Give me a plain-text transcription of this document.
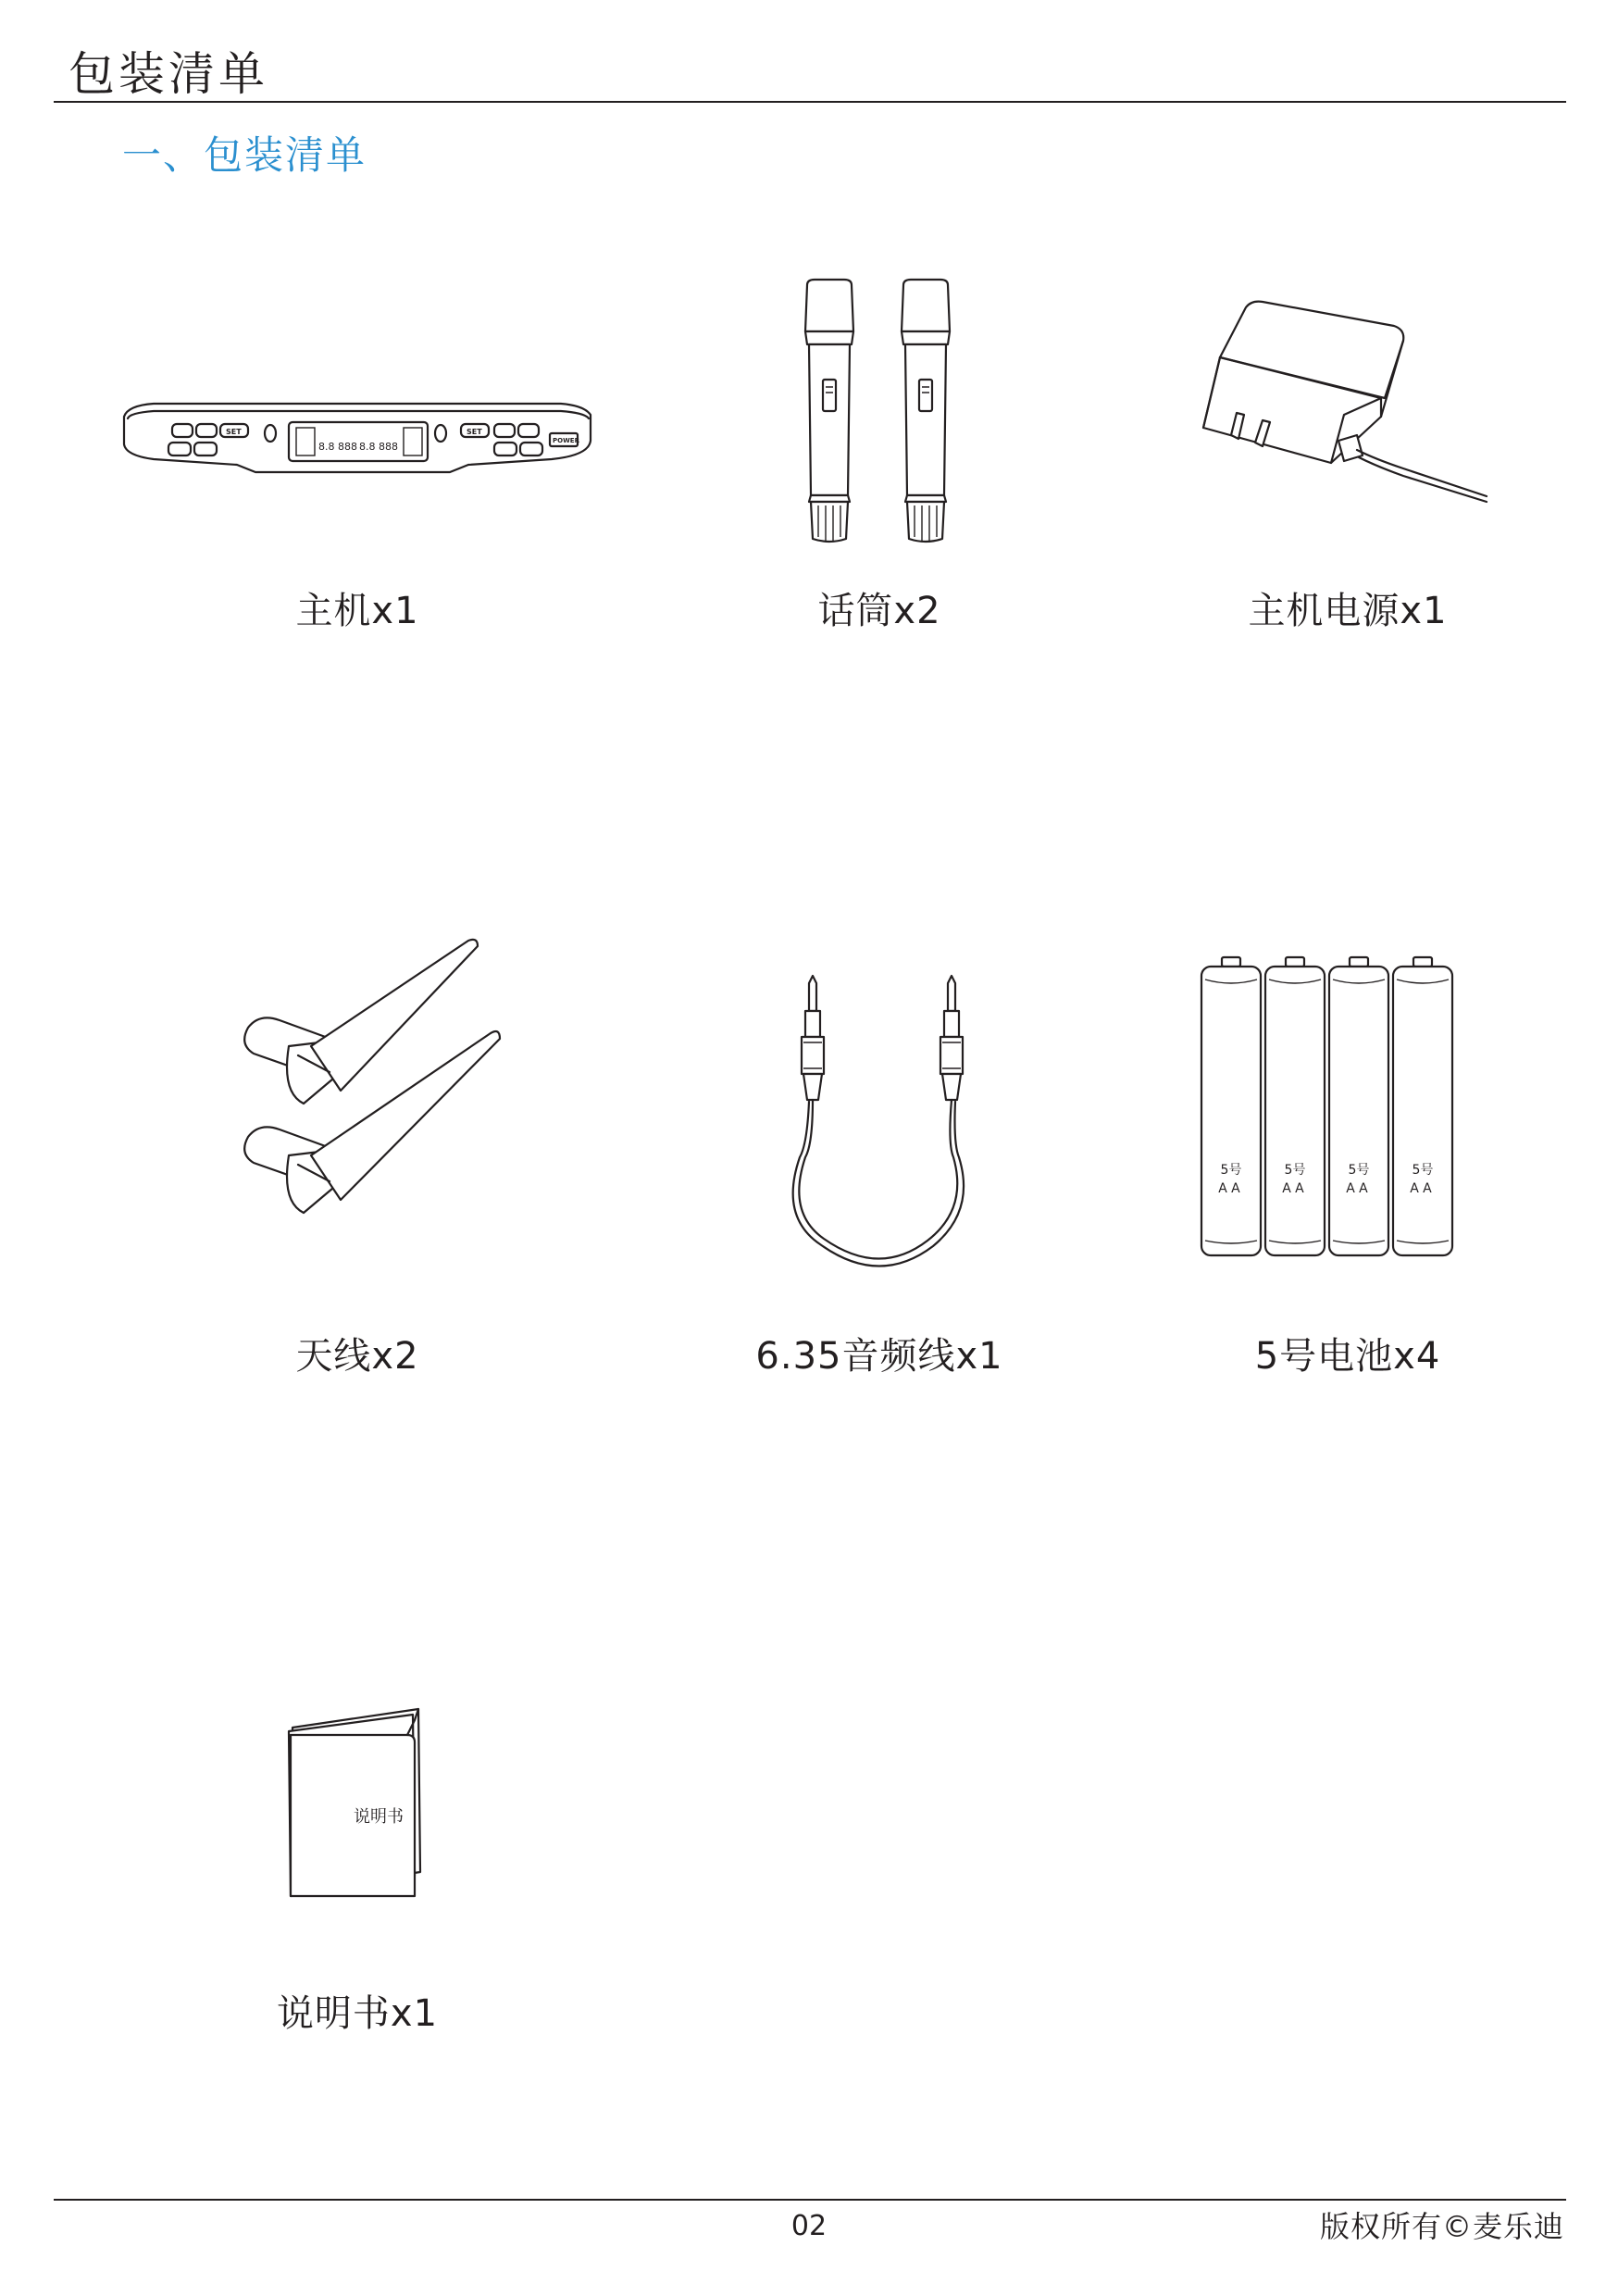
包装清单
一、包装清单
8.8 888 8.8 888
SET	SET
POWER
主机x1	话筒x2	主机电源x1
天线x2	6.35音频线x1
5号
AA
5号
AA
5号
AA
5号
AA
5号电池x4
说明书
说明书x1
02	版权所有©麦乐迪
